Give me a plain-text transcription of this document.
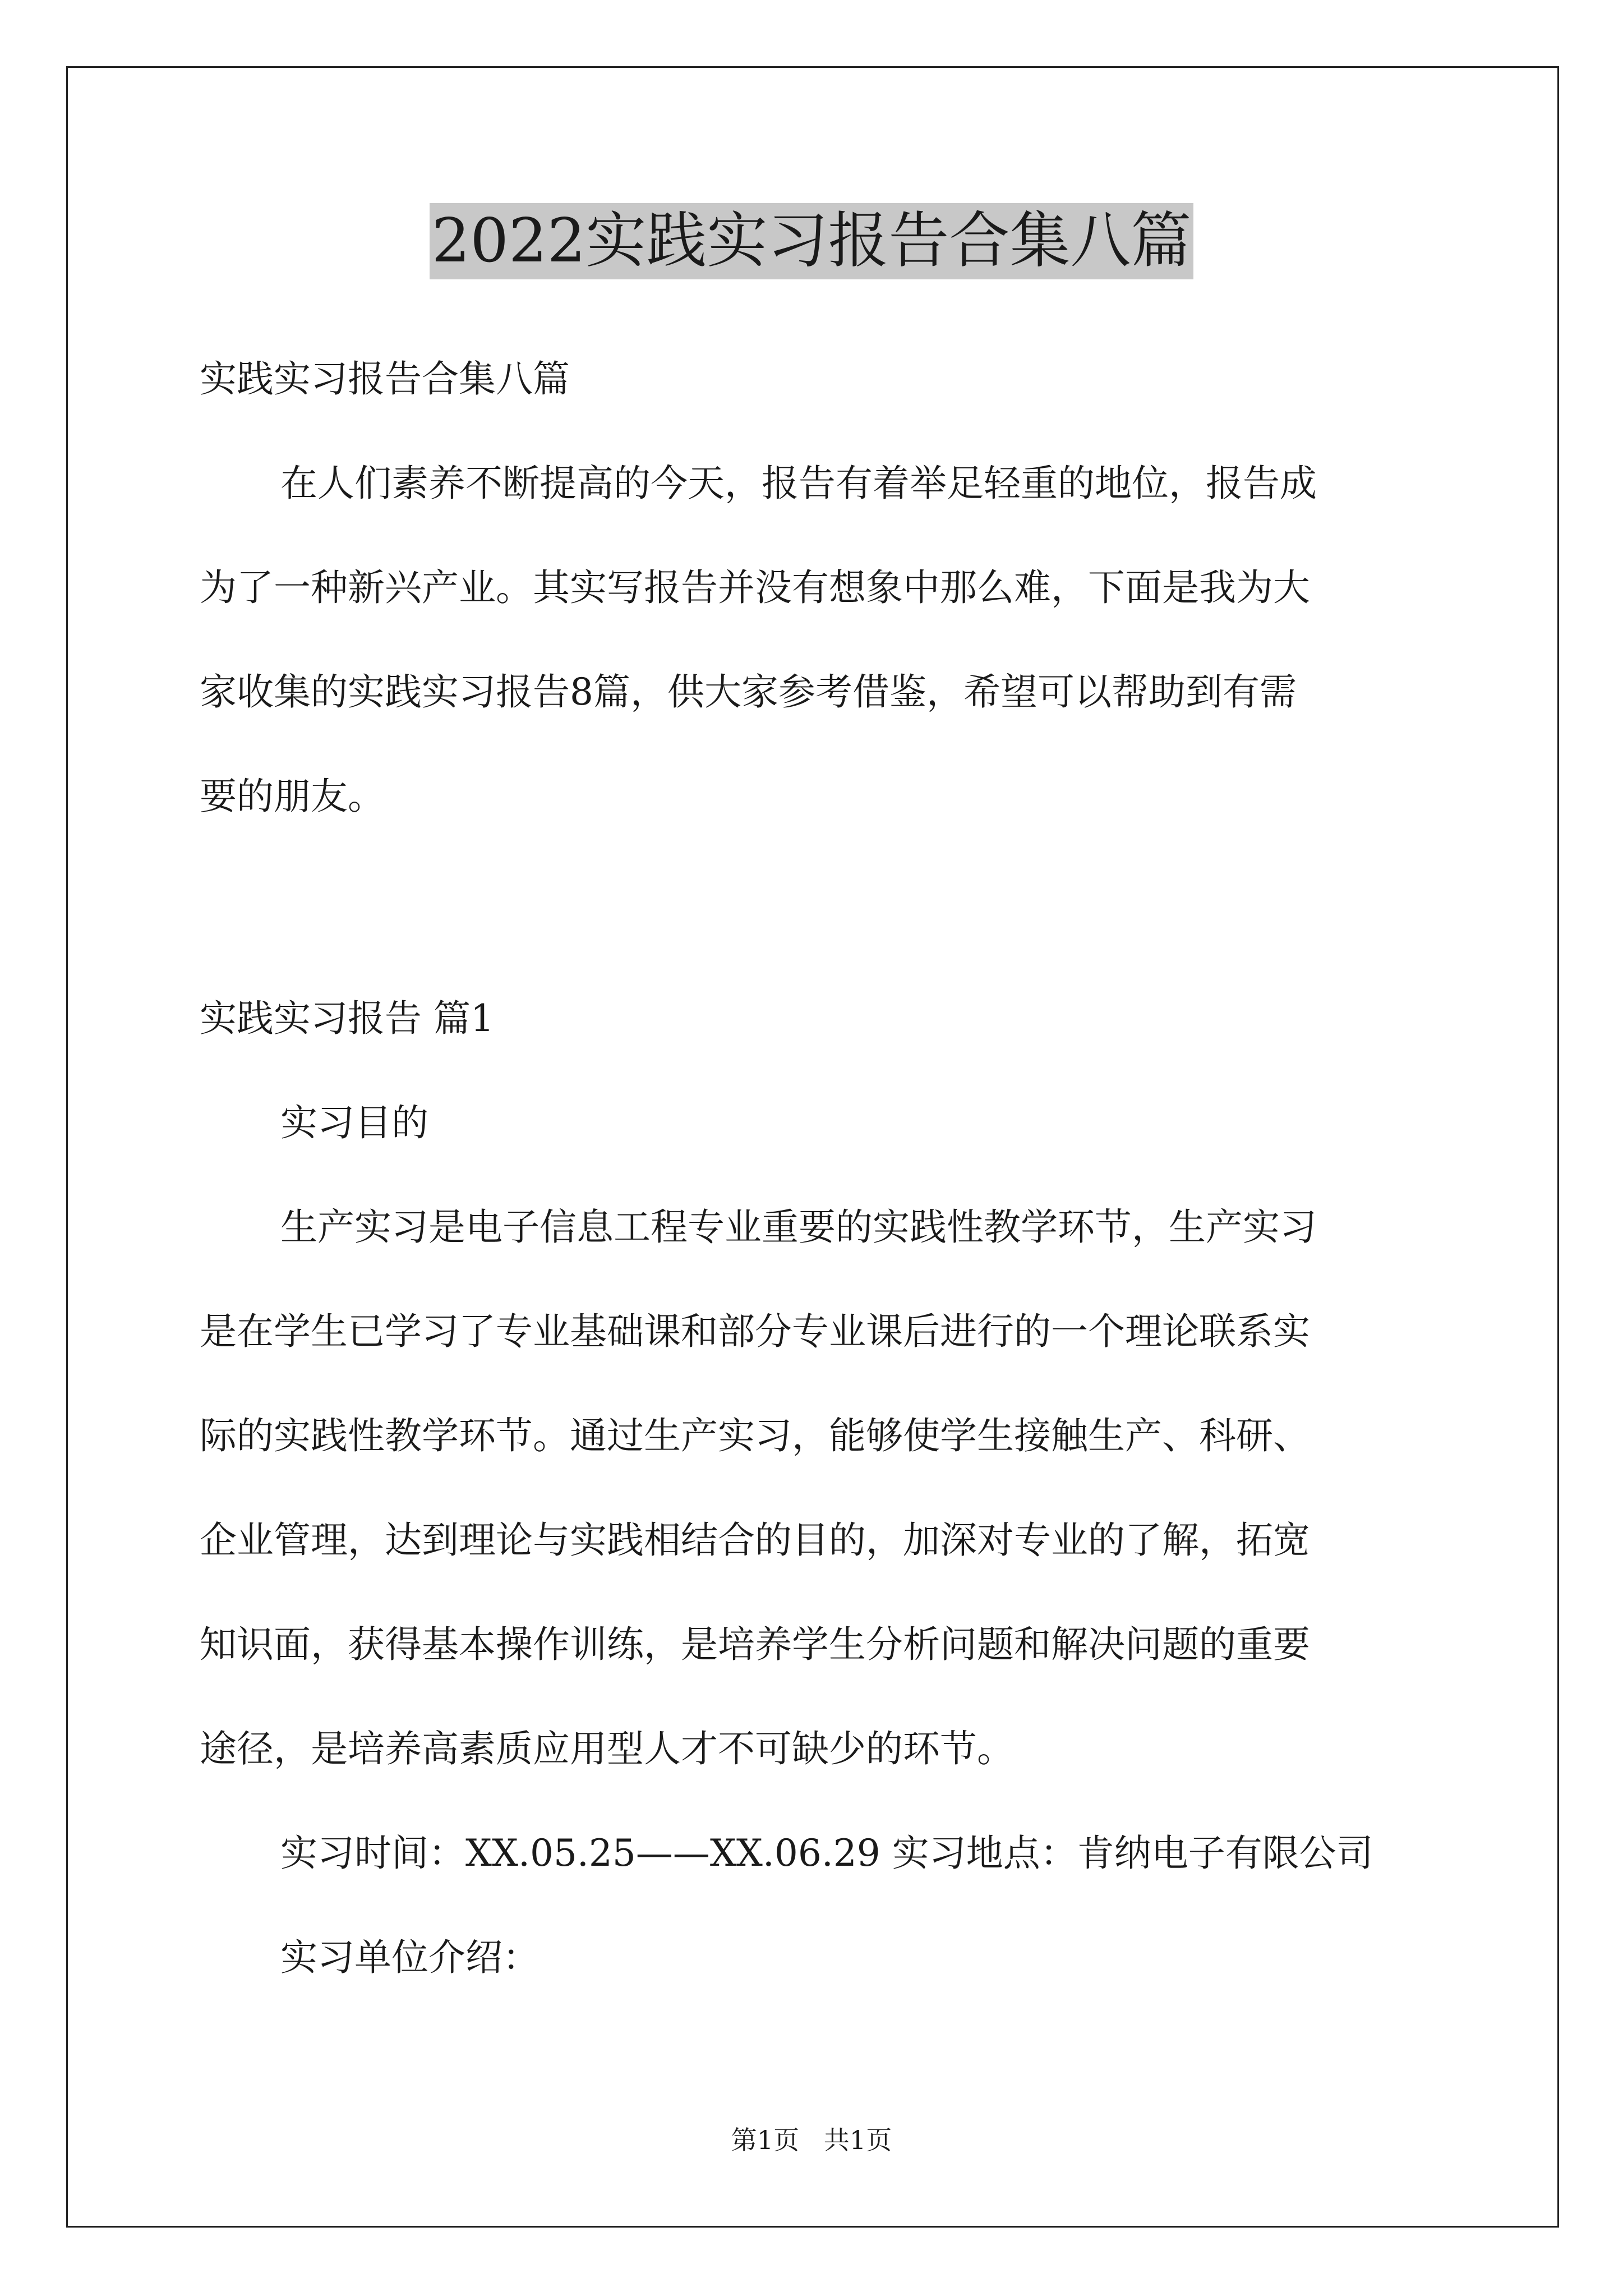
2022实践实习报告合集八篇
实践实习报告合集八篇
在人们素养不断提高的今天，报告有着举足轻重的地位，报告成
为了一种新兴产业。其实写报告并没有想象中那么难，下面是我为大
家收集的实践实习报告8篇，供大家参考借鉴，希望可以帮助到有需
要的朋友。
实践实习报告 篇1
实习目的
生产实习是电子信息工程专业重要的实践性教学环节，生产实习
是在学生已学习了专业基础课和部分专业课后进行的一个理论联系实
际的实践性教学环节。通过生产实习，能够使学生接触生产、科研、
企业管理，达到理论与实践相结合的目的，加深对专业的了解，拓宽
知识面，获得基本操作训练，是培养学生分析问题和解决问题的重要
途径，是培养高素质应用型人才不可缺少的环节。
实习时间：XX.05.25——XX.06.29 实习地点：肯纳电子有限公司
实习单位介绍：
第1页   共1页
